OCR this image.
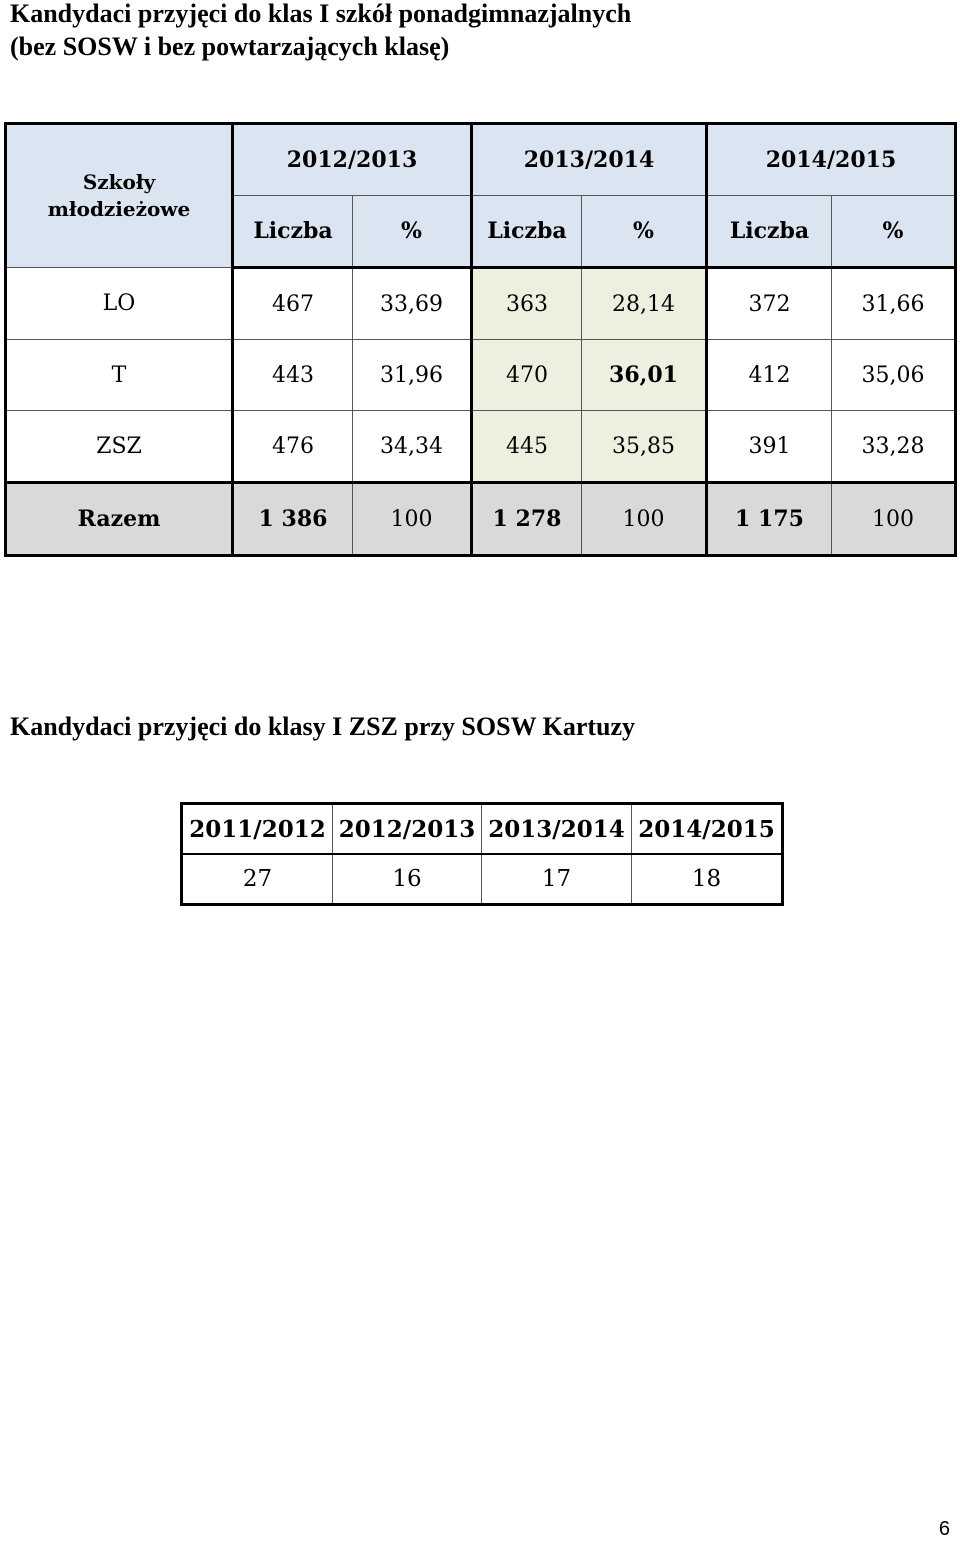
Kandydaci przyjęci do klas I szkół ponadgimnazjalnych
(bez SOSW i bez powtarzających klasę)
Szkoły
młodzieżowe	2012/2013		2013/2014		2014/2015	
	Liczba	%	Liczba	%	Liczba	%
LO	467	33,69	363	28,14	372	31,66
T	443	31,96	470	36,01	412	35,06
ZSZ	476	34,34	445	35,85	391	33,28
Razem	1 386	100	1 278	100	1 175	100
Kandydaci przyjęci do klasy I ZSZ przy SOSW Kartuzy
2011/2012	2012/2013	2013/2014	2014/2015
27	16	17	18
6
